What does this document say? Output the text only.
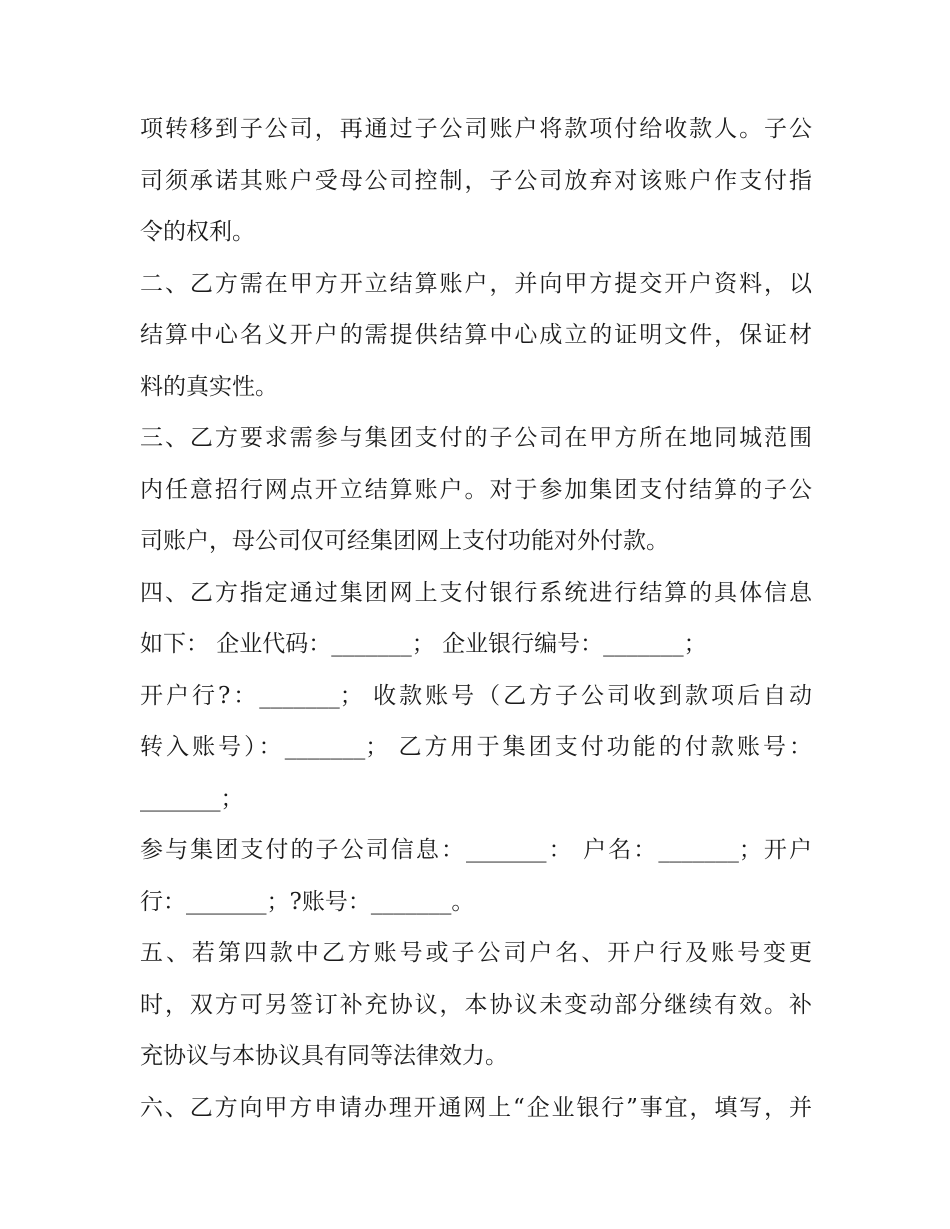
项转移到子公司，再通过子公司账户将款项付给收款人。子公
司须承诺其账户受母公司控制，子公司放弃对该账户作支付指
令的权利。
二、乙方需在甲方开立结算账户，并向甲方提交开户资料，以
结算中心名义开户的需提供结算中心成立的证明文件，保证材
料的真实性。
三、乙方要求需参与集团支付的子公司在甲方所在地同城范围
内任意招行网点开立结算账户。对于参加集团支付结算的子公
司账户，母公司仅可经集团网上支付功能对外付款。
四、乙方指定通过集团网上支付银行系统进行结算的具体信息
如下： 企业代码：_______； 企业银行编号：_______；
开户行?：_______； 收款账号（乙方子公司收到款项后自动
转入账号）：_______； 乙方用于集团支付功能的付款账号：
_______；
参与集团支付的子公司信息：_______： 户名：_______；开户
行：_______；?账号：_______。
五、若第四款中乙方账号或子公司户名、开户行及账号变更
时，双方可另签订补充协议，本协议未变动部分继续有效。补
充协议与本协议具有同等法律效力。
六、乙方向甲方申请办理开通网上“企业银行”事宜，填写，并
